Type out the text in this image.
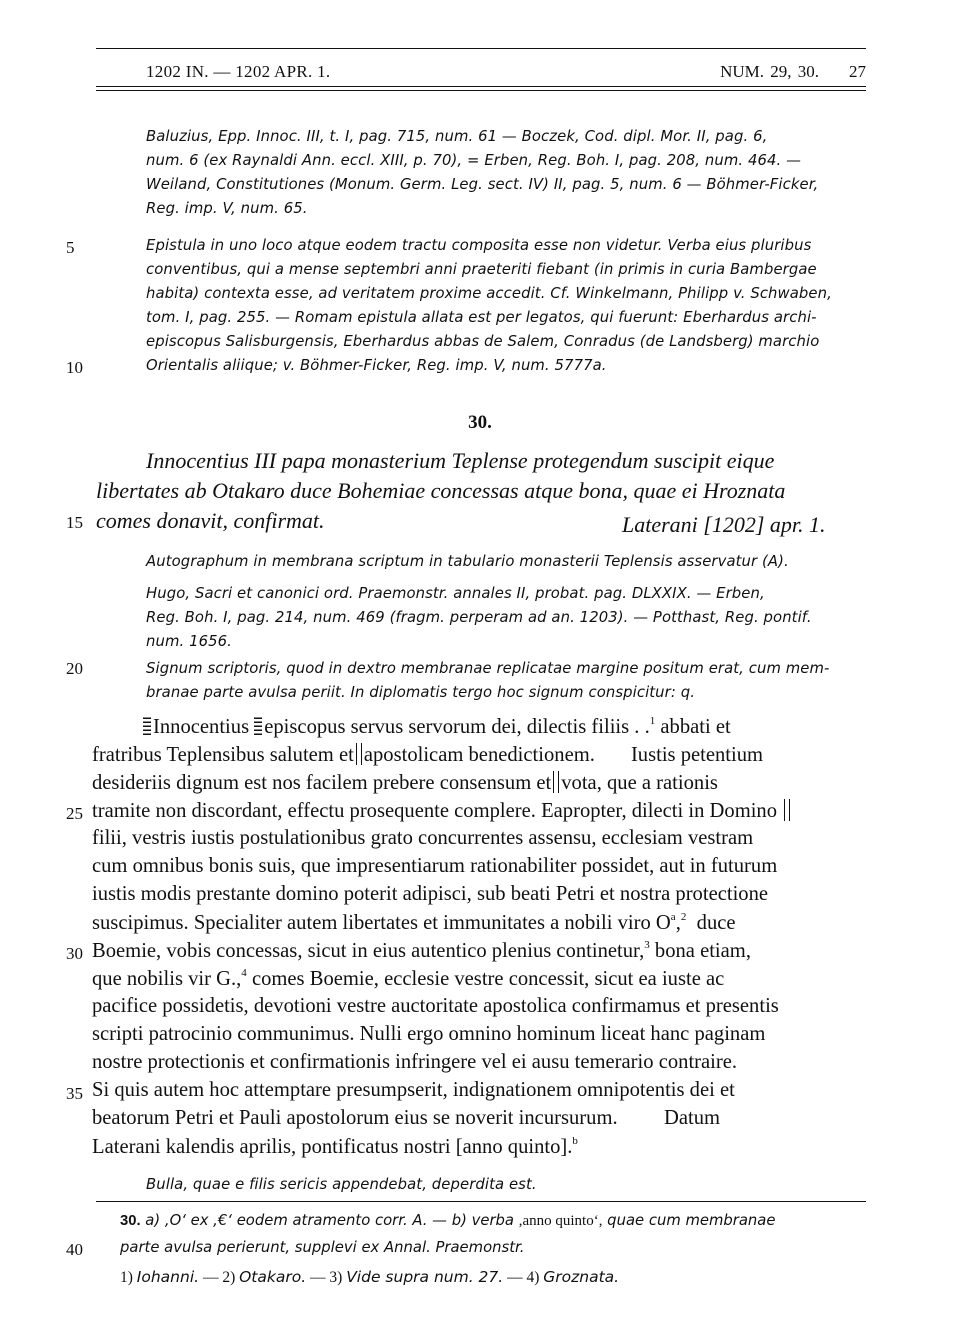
1202 IN. — 1202 APR. 1.	NUM. 29, 30. 27
5
10
15
20
25
30
35
40
Baluzius, Epp. Innoc. III, t. I, pag. 715, num. 61 — Boczek, Cod. dipl. Mor. II, pag. 6,
num. 6 (ex Raynaldi Ann. eccl. XIII, p. 70), = Erben, Reg. Boh. I, pag. 208, num. 464. —
Weiland, Constitutiones (Monum. Germ. Leg. sect. IV) II, pag. 5, num. 6 — Böhmer-Ficker,
Reg. imp. V, num. 65.
Epistula in uno loco atque eodem tractu composita esse non videtur. Verba eius pluribus
conventibus, qui a mense septembri anni praeteriti fiebant (in primis in curia Bambergae
habita) contexta esse, ad veritatem proxime accedit. Cf. Winkelmann, Philipp v. Schwaben,
tom. I, pag. 255. — Romam epistula allata est per legatos, qui fuerunt: Eberhardus archi-
episcopus Salisburgensis, Eberhardus abbas de Salem, Conradus (de Landsberg) marchio
Orientalis aliique; v. Böhmer-Ficker, Reg. imp. V, num. 5777a.
30.
Innocentius III papa monasterium Teplense protegendum suscipit eique
libertates ab Otakaro duce Bohemiae concessas atque bona, quae ei Hroznata
comes donavit, confirmat.	Laterani [1202] apr. 1.
Autographum in membrana scriptum in tabulario monasterii Teplensis asservatur (A).
Hugo, Sacri et canonici ord. Praemonstr. annales II, probat. pag. DLXXIX. — Erben,
Reg. Boh. I, pag. 214, num. 469 (fragm. perperam ad an. 1203). — Potthast, Reg. pontif.
num. 1656.
Signum scriptoris, quod in dextro membranae replicatae margine positum erat, cum mem-
branae parte avulsa periit. In diplomatis tergo hoc signum conspicitur: q.
Innocentius episcopus servus servorum dei, dilectis filiis . .$^1$ abbati et
fratribus Teplensibus salutem et apostolicam benedictionem. Iustis petentium
desideriis dignum est nos facilem prebere consensum et vota, que a rationis
tramite non discordant, effectu prosequente complere. Eapropter, dilecti in Domino
filii, vestris iustis postulationibus grato concurrentes assensu, ecclesiam vestram
cum omnibus bonis suis, que impresentiarum rationabiliter possidet, aut in futurum
iustis modis prestante domino poterit adipisci, sub beati Petri et nostra protectione
suscipimus. Specialiter autem libertates et immunitates a nobili viro $O^a,^2$ duce
Boemie, vobis concessas, sicut in eius autentico plenius continetur,$^3$ bona etiam,
que nobilis vir G.,$^4$ comes Boemie, ecclesie vestre concessit, sicut ea iuste ac
pacifice possidetis, devotioni vestre auctoritate apostolica confirmamus et presentis
scripti patrocinio communimus. Nulli ergo omnino hominum liceat hanc paginam
nostre protectionis et confirmationis infringere vel ei ausu temerario contraire.
Si quis autem hoc attemptare presumpserit, indignationem omnipotentis dei et
beatorum Petri et Pauli apostolorum eius se noverit incursurum. Datum
Laterani kalendis aprilis, pontificatus nostri [anno quinto].$^b$
Bulla, quae e filis sericis appendebat, deperdita est.
30. a) ,O‘ ex ,€‘ eodem atramento corr. A. — b) verba ,anno quinto‘, quae cum membranae
parte avulsa perierunt, supplevi ex Annal. Praemonstr.
1) Iohanni. — 2) Otakaro. — 3) Vide supra num. 27. — 4) Groznata.
